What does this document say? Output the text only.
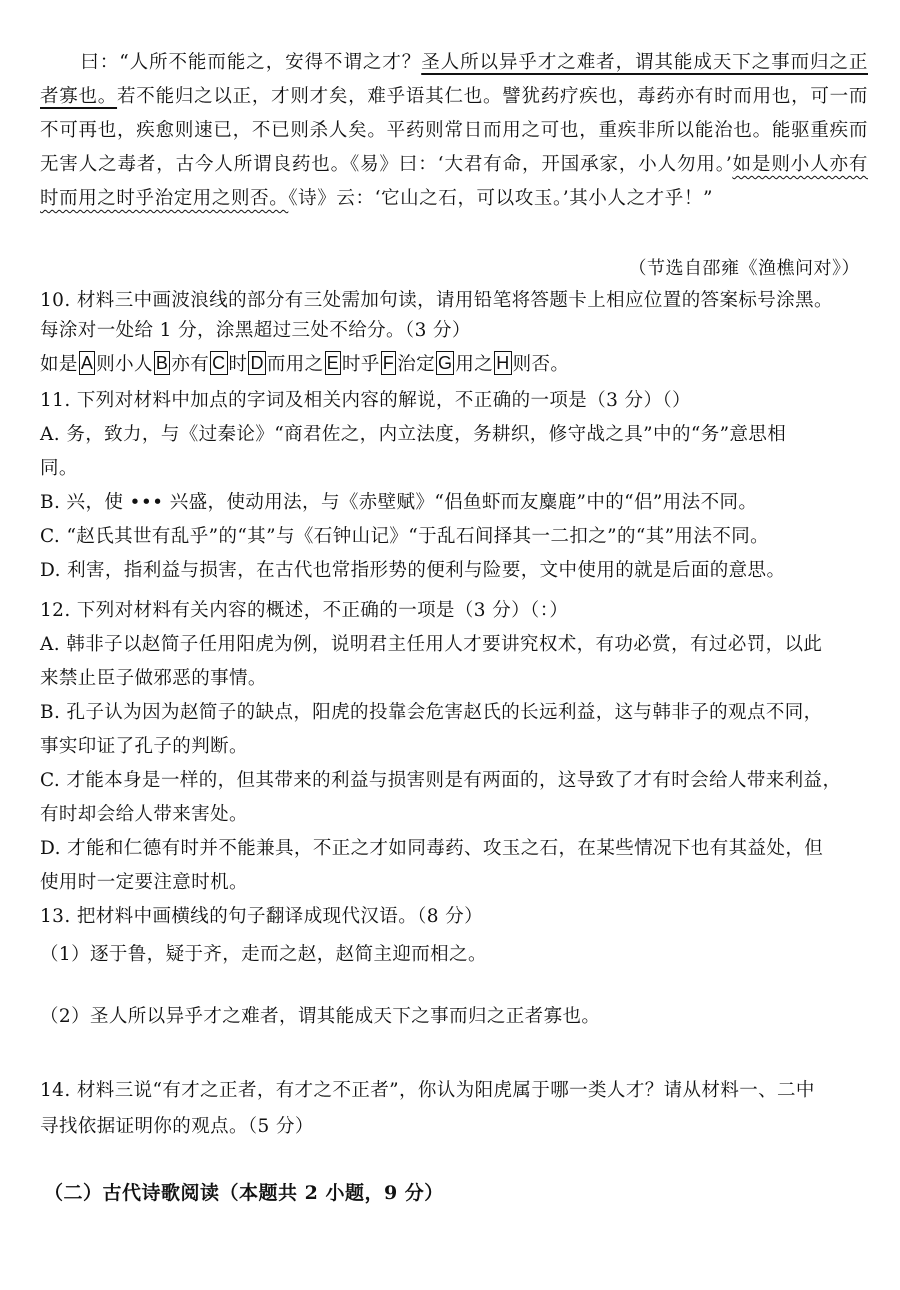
曰：“人所不能而能之，安得不谓之才？圣人所以异乎才之难者，谓其能成天下之事而归之正者寡也。若不能归之以正，才则才矣，难乎语其仁也。譬犹药疗疾也，毒药亦有时而用也，可一而不可再也，疾愈则速已，不已则杀人矣。平药则常日而用之可也，重疾非所以能治也。能驱重疾而无害人之毒者，古今人所谓良药也。《易》曰：‘大君有命，开国承家，小人勿用。’如是则小人亦有时而用之时乎治定用之则否。《诗》云：‘它山之石，可以攻玉。’其小人之才乎！”

（节选自邵雍《渔樵问对》）
10. 材料三中画波浪线的部分有三处需加句读，请用铅笔将答题卡上相应位置的答案标号涂黑。
每涂对一处给 1 分，涂黑超过三处不给分。（3 分）
如是 A 则小人 B 亦有 C 时 D 而用之 E 时乎 F 治定 G 用之 H 则否。
11. 下列对材料中加点的字词及相关内容的解说，不正确的一项是（3 分）（）
A. 务，致力，与《过秦论》“商君佐之，内立法度，务耕织，修守战之具”中的“务”意思相
同。
B. 兴，使 ••• 兴盛，使动用法，与《赤壁赋》“侣鱼虾而友麋鹿”中的“侣”用法不同。
C. “赵氏其世有乱乎”的“其”与《石钟山记》“于乱石间择其一二扣之”的“其”用法不同。
D. 利害，指利益与损害，在古代也常指形势的便利与险要，文中使用的就是后面的意思。
12. 下列对材料有关内容的概述，不正确的一项是（3 分）（：）
A. 韩非子以赵简子任用阳虎为例，说明君主任用人才要讲究权术，有功必赏，有过必罚，以此
来禁止臣子做邪恶的事情。
B. 孔子认为因为赵简子的缺点，阳虎的投靠会危害赵氏的长远利益，这与韩非子的观点不同，
事实印证了孔子的判断。
C. 才能本身是一样的，但其带来的利益与损害则是有两面的，这导致了才有时会给人带来利益，
有时却会给人带来害处。
D. 才能和仁德有时并不能兼具，不正之才如同毒药、攻玉之石，在某些情况下也有其益处，但
使用时一定要注意时机。
13. 把材料中画横线的句子翻译成现代汉语。（8 分）
（1）逐于鲁，疑于齐，走而之赵，赵简主迎而相之。
（2）圣人所以异乎才之难者，谓其能成天下之事而归之正者寡也。
14. 材料三说“有才之正者，有才之不正者”，你认为阳虎属于哪一类人才？请从材料一、二中
寻找依据证明你的观点。（5 分）
（二）古代诗歌阅读（本题共 2 小题，9 分）
